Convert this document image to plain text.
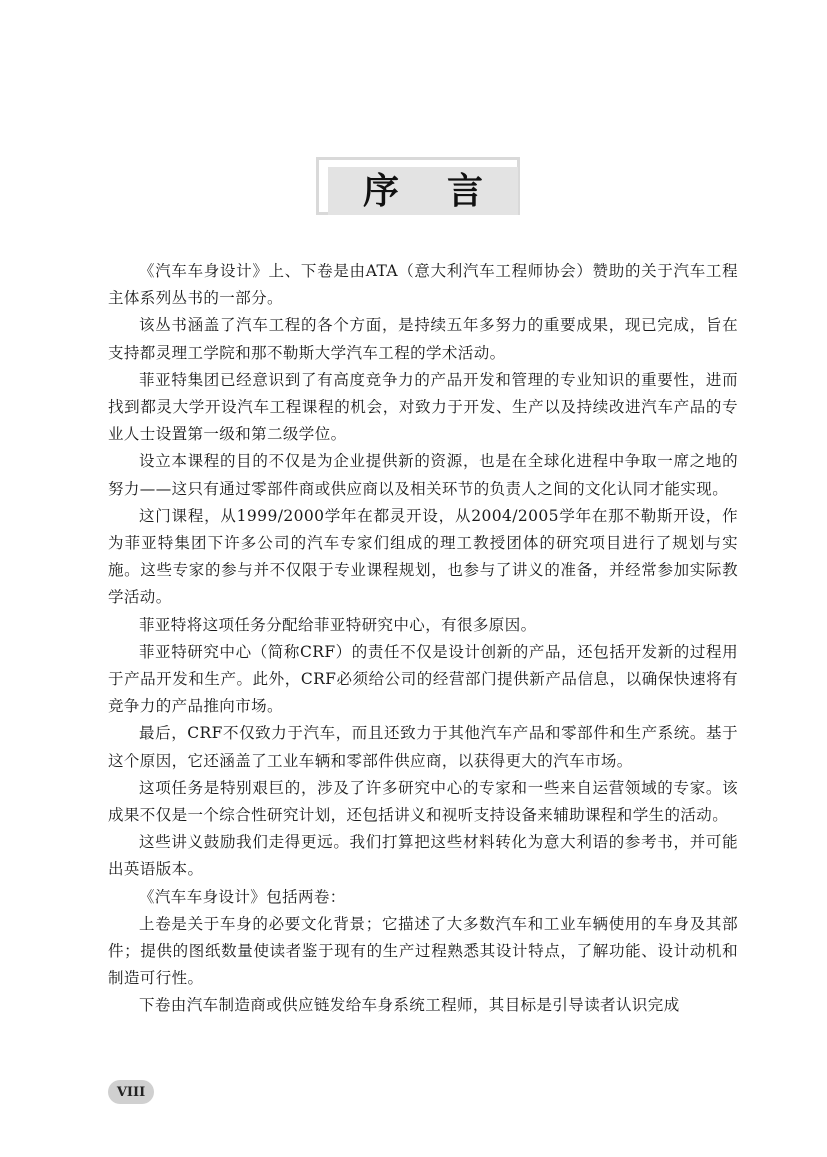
序 言

《汽车车身设计》上、下卷是由ATA（意大利汽车工程师协会）赞助的关于汽车工程主体系列丛书的一部分。

该丛书涵盖了汽车工程的各个方面，是持续五年多努力的重要成果，现已完成，旨在支持都灵理工学院和那不勒斯大学汽车工程的学术活动。

菲亚特集团已经意识到了有高度竞争力的产品开发和管理的专业知识的重要性，进而找到都灵大学开设汽车工程课程的机会，对致力于开发、生产以及持续改进汽车产品的专业人士设置第一级和第二级学位。

设立本课程的目的不仅是为企业提供新的资源，也是在全球化进程中争取一席之地的努力——这只有通过零部件商或供应商以及相关环节的负责人之间的文化认同才能实现。

这门课程，从1999/2000学年在都灵开设，从2004/2005学年在那不勒斯开设，作为菲亚特集团下许多公司的汽车专家们组成的理工教授团体的研究项目进行了规划与实施。这些专家的参与并不仅限于专业课程规划，也参与了讲义的准备，并经常参加实际教学活动。

菲亚特将这项任务分配给菲亚特研究中心，有很多原因。

菲亚特研究中心（简称CRF）的责任不仅是设计创新的产品，还包括开发新的过程用于产品开发和生产。此外，CRF必须给公司的经营部门提供新产品信息，以确保快速将有竞争力的产品推向市场。

最后，CRF不仅致力于汽车，而且还致力于其他汽车产品和零部件和生产系统。基于这个原因，它还涵盖了工业车辆和零部件供应商，以获得更大的汽车市场。

这项任务是特别艰巨的，涉及了许多研究中心的专家和一些来自运营领域的专家。该成果不仅是一个综合性研究计划，还包括讲义和视听支持设备来辅助课程和学生的活动。

这些讲义鼓励我们走得更远。我们打算把这些材料转化为意大利语的参考书，并可能出英语版本。

《汽车车身设计》包括两卷：

上卷是关于车身的必要文化背景；它描述了大多数汽车和工业车辆使用的车身及其部件；提供的图纸数量使读者鉴于现有的生产过程熟悉其设计特点，了解功能、设计动机和制造可行性。

下卷由汽车制造商或供应链发给车身系统工程师，其目标是引导读者认识完成

VIII
